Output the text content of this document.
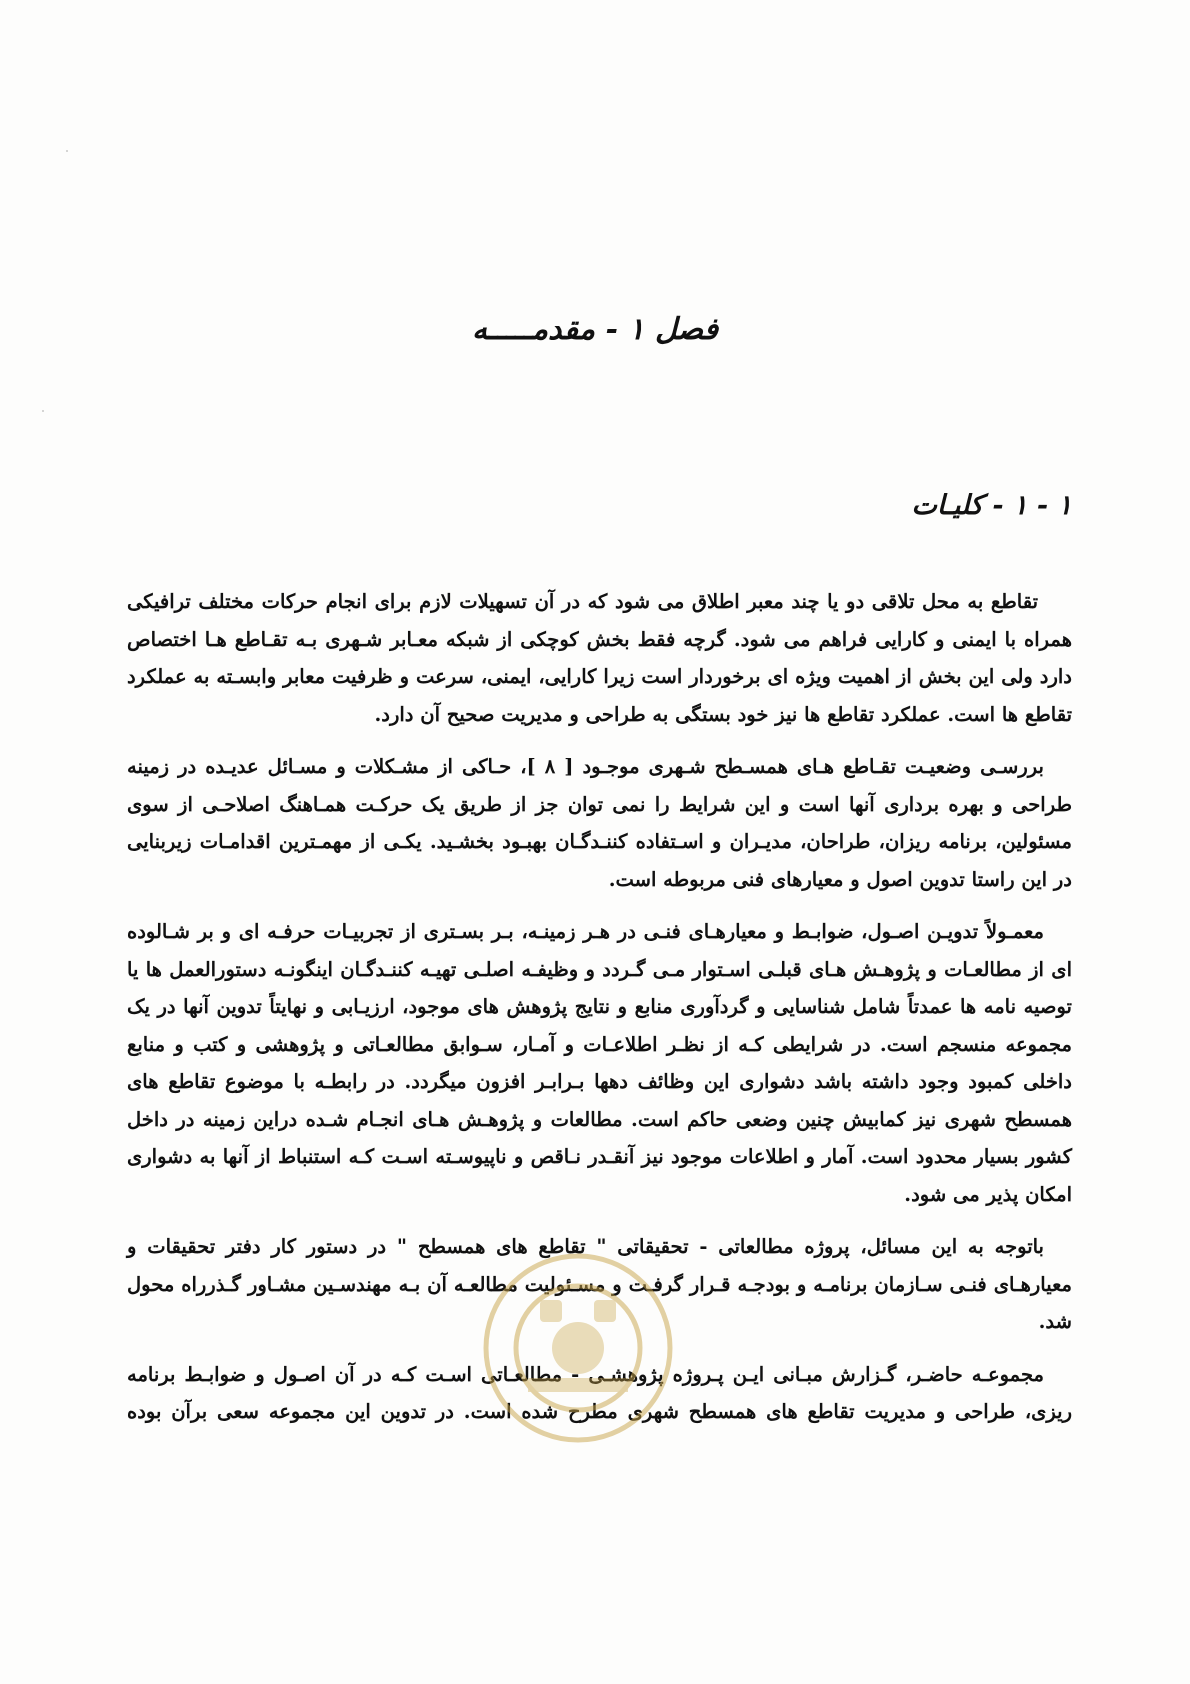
فصل ۱ - مقدمـــــه
۱ - ۱ - کلیـات

تقاطع به محل تلاقی دو یا چند معبر اطلاق می شود که در آن تسهیلات لازم برای انجام حرکات مختلف ترافیکی همراه با ایمنی و کارایی فراهم می شود. گرچه فقط بخش کوچکی از شبکه معـابر شـهری بـه تقـاطع هـا اختصاص دارد ولی این بخش از اهمیت ویژه ای برخوردار است زیرا کارایی، ایمنی، سرعت و ظرفیت معابر وابسـته به عملکرد تقاطع ها است. عملکرد تقاطع ها نیز خود بستگی به طراحی و مدیریت صحیح آن دارد.

بررسـی وضعیـت تقـاطع هـای همسـطح شـهری موجـود [ ۸ ]، حـاکی از مشـکلات و مسـائل عدیـده در زمینه طراحی و بهره برداری آنها است و این شرایط را نمی توان جز از طریق یک حرکـت همـاهنگ اصلاحـی از سوی مسئولین، برنامه ریزان، طراحان، مدیـران و اسـتفاده کننـدگـان بهبـود بخشـید. یکـی از مهمـترین اقدامـات زیربنایی در این راستا تدوین اصول و معیارهای فنی مربوطه است.

معمـولاً تدویـن اصـول، ضوابـط و معیارهـای فنـی در هـر زمینـه، بـر بسـتری از تجربیـات حرفـه ای و بر شـالوده ای از مطالعـات و پژوهـش هـای قبلـی اسـتوار مـی گـردد و وظیفـه اصلـی تهیـه کننـدگـان اینگونـه دستورالعمل ها یا توصیه نامه ها عمدتاً شامل شناسایی و گردآوری منابع و نتایج پژوهش های موجود، ارزیـابی و نهایتاً تدوین آنها در یک مجموعه منسجم است. در شرایطی کـه از نظـر اطلاعـات و آمـار، سـوابق مطالعـاتی و پژوهشی و کتب و منابع داخلی کمبود وجود داشته باشد دشواری این وظائف دهها بـرابـر افزون میگردد. در رابطـه با موضوع تقاطع های همسطح شهری نیز کمابیش چنین وضعی حاکم است. مطالعات و پژوهـش هـای انجـام شـده دراین زمینه در داخل کشور بسیار محدود است. آمار و اطلاعات موجود نیز آنقـدر نـاقص و ناپیوسـته اسـت کـه استنباط از آنها به دشواری امکان پذیر می شود.

باتوجه به این مسائل، پروژه مطالعاتی - تحقیقاتی " تقاطع های همسطح " در دستور کار دفتر تحقیقات و معیارهـای فنـی سـازمان برنامـه و بودجـه قـرار گرفـت و مسـئولیت مطالعـه آن بـه مهندسـین مشـاور گـذرراه محول شد.

مجموعـه حاضـر، گـزارش مبـانی ایـن پـروژه پژوهشـی - مطالعـاتی اسـت کـه در آن اصـول و ضوابـط برنامه ریزی، طراحی و مدیریت تقاطع های همسطح شهری مطرح شده است. در تدوین این مجموعه سعی برآن بوده
